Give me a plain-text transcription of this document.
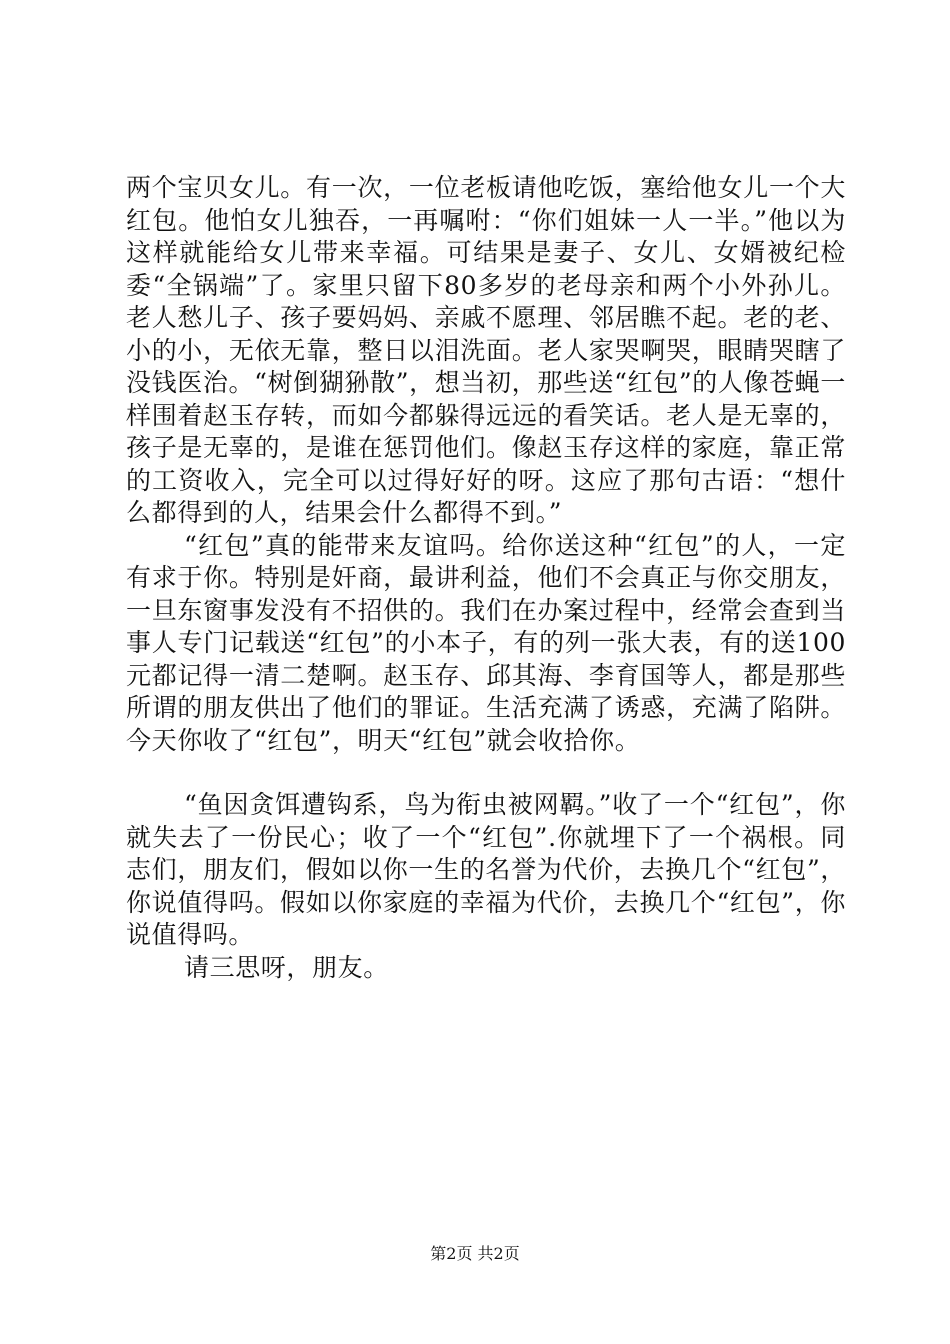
两个宝贝女儿。有一次，一位老板请他吃饭，塞给他女儿一个大红包。他怕女儿独吞，一再嘱咐：“你们姐妹一人一半。”他以为这样就能给女儿带来幸福。可结果是妻子、女儿、女婿被纪检委“全锅端”了。家里只留下80多岁的老母亲和两个小外孙儿。老人愁儿子、孩子要妈妈、亲戚不愿理、邻居瞧不起。老的老、小的小，无依无靠，整日以泪洗面。老人家哭啊哭，眼睛哭瞎了没钱医治。“树倒猢狲散”，想当初，那些送“红包”的人像苍蝇一样围着赵玉存转，而如今都躲得远远的看笑话。老人是无辜的，孩子是无辜的，是谁在惩罚他们。像赵玉存这样的家庭，靠正常的工资收入，完全可以过得好好的呀。这应了那句古语：“想什么都得到的人，结果会什么都得不到。”

“红包”真的能带来友谊吗。给你送这种“红包”的人，一定有求于你。特别是奸商，最讲利益，他们不会真正与你交朋友，一旦东窗事发没有不招供的。我们在办案过程中，经常会查到当事人专门记载送“红包”的小本子，有的列一张大表，有的送100元都记得一清二楚啊。赵玉存、邱其海、李育国等人，都是那些所谓的朋友供出了他们的罪证。生活充满了诱惑，充满了陷阱。今天你收了“红包”，明天“红包”就会收拾你。

“鱼因贪饵遭钩系，鸟为衔虫被网羁。”收了一个“红包”，你就失去了一份民心；收了一个“红包”.你就埋下了一个祸根。同志们，朋友们，假如以你一生的名誉为代价，去换几个“红包”，你说值得吗。假如以你家庭的幸福为代价，去换几个“红包”，你说值得吗。

请三思呀，朋友。

第2页 共2页
